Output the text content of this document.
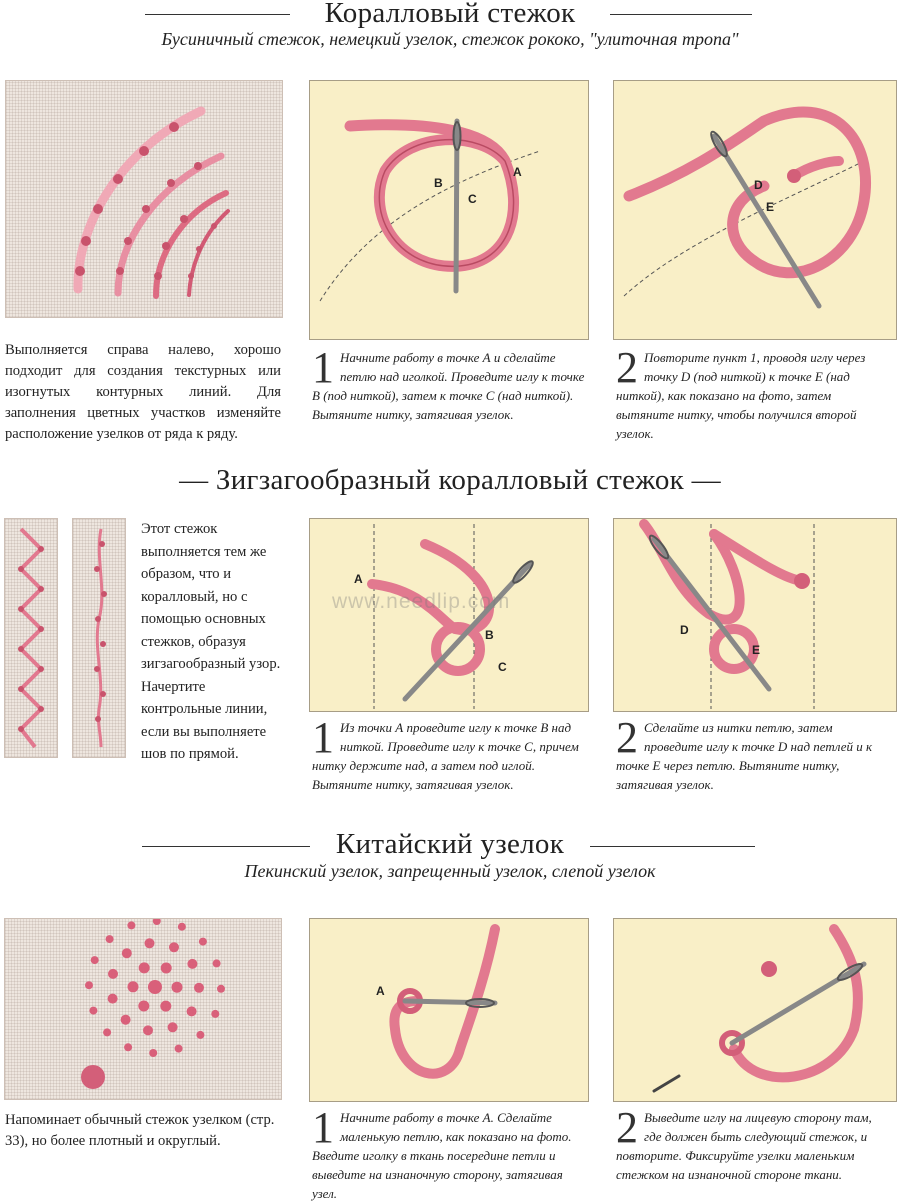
Коралловый стежок
Бусиничный стежок, немецкий узелок, стежок рококо, "улиточная тропа"
Выполняется справа налево, хорошо подходит для создания текстурных или изогнутых контурных линий. Для заполнения цветных участков изменяйте расположение узелков от ряда к ряду.
A
B
C
1 Начните работу в точке А и сделайте петлю над иголкой. Проведите иглу к точке В (под ниткой), затем к точке С (над ниткой). Вытяните нитку, затягивая узелок.
D
E
2 Повторите пункт 1, проводя иглу через точку D (под ниткой) к точке Е (над ниткой), как показано на фото, затем вытяните нитку, чтобы получился второй узелок.
— Зигзагообразный коралловый стежок —
Этот стежок выполняется тем же образом, что и коралловый, но с помощью основных стежков, образуя зигзагообразный узор. Начертите контрольные линии, если вы выполняете шов по прямой.
A
B
C
www.needlip.com
1 Из точки А проведите иглу к точке В над ниткой. Проведите иглу к точке С, причем нитку держите над, а затем под иглой. Вытяните нитку, затягивая узелок.
D
E
2 Сделайте из нитки петлю, затем проведите иглу к точке D над петлей и к точке Е через петлю. Вытяните нитку, затягивая узелок.
Китайский узелок
Пекинский узелок, запрещенный узелок, слепой узелок
Напоминает обычный стежок узелком (стр. 33), но более плотный и округлый.
A
1 Начните работу в точке А. Сделайте маленькую петлю, как показано на фото. Введите иголку в ткань посередине петли и выведите на изнаночную сторону, затягивая узел.
2 Выведите иглу на лицевую сторону там, где должен быть следующий стежок, и повторите. Фиксируйте узелки маленьким стежком на изнаночной стороне ткани.
